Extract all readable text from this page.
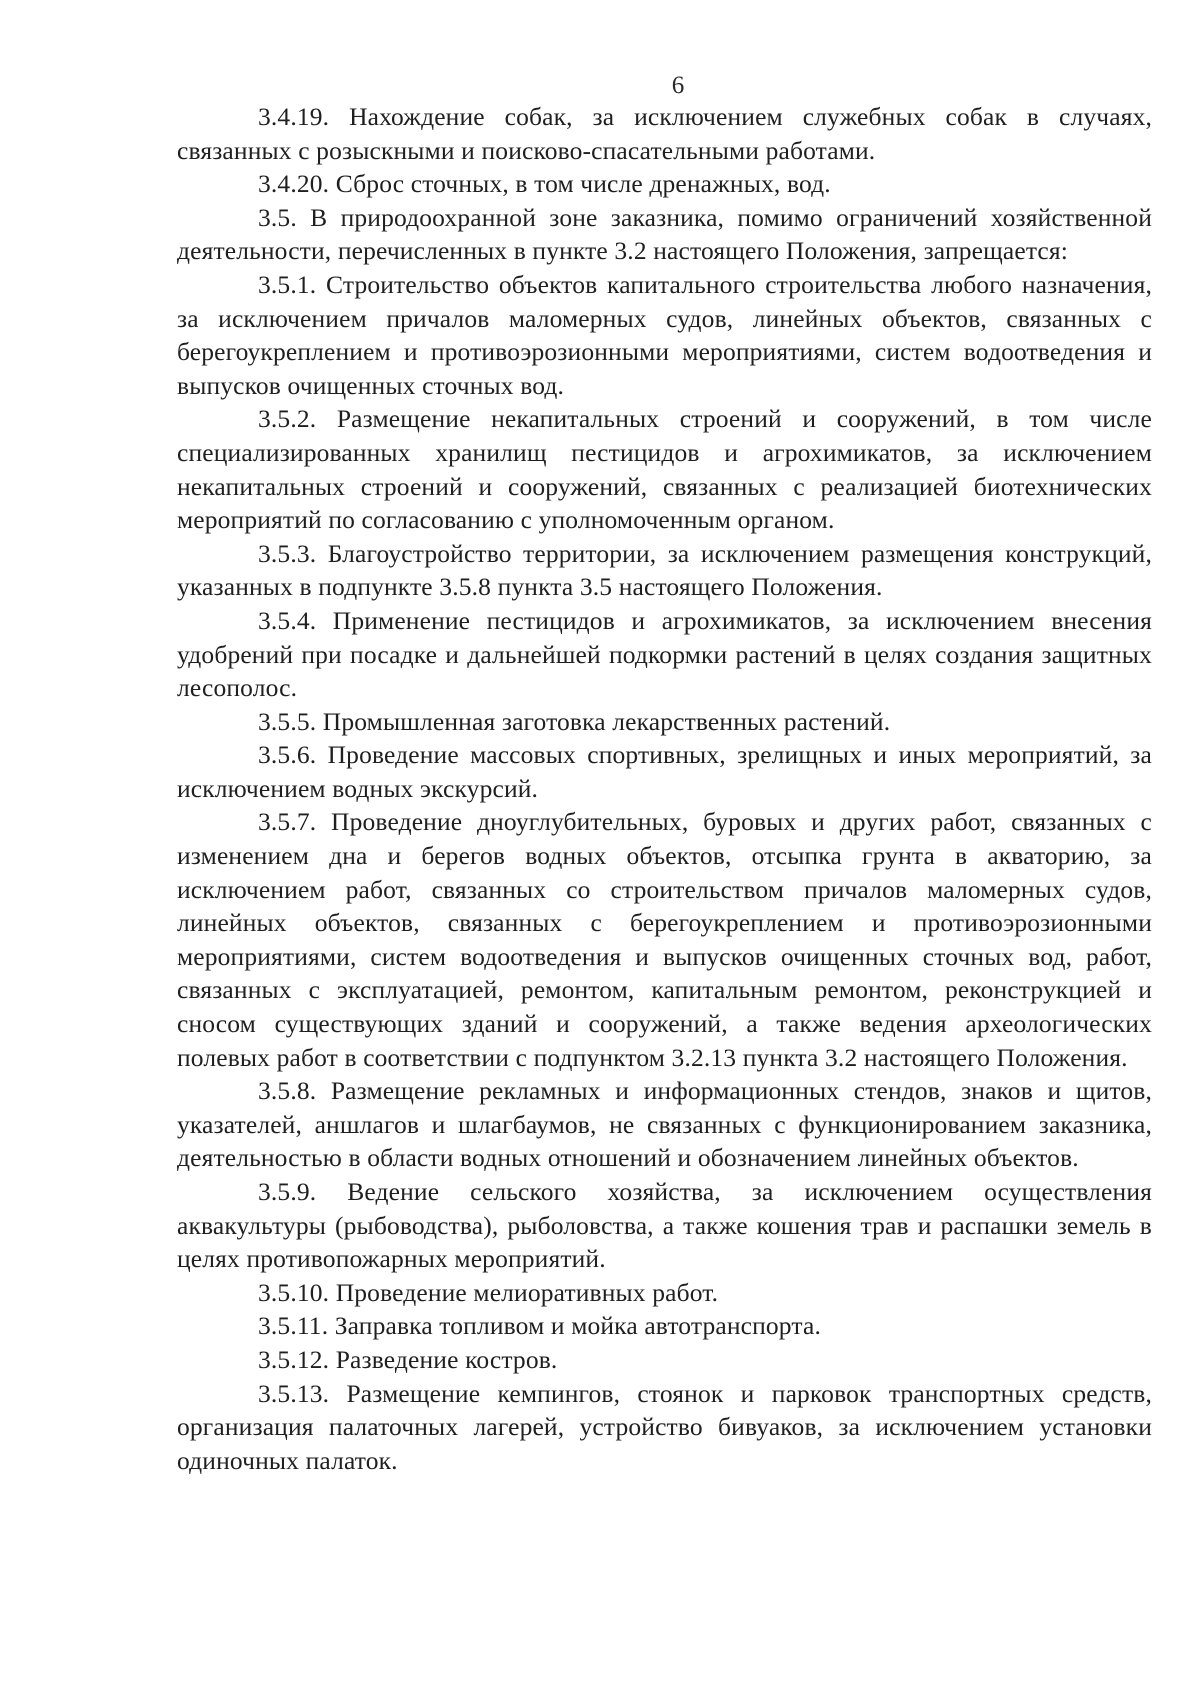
6

3.4.19. Нахождение собак, за исключением служебных собак в случаях, связанных с розыскными и поисково-спасательными работами.

3.4.20. Сброс сточных, в том числе дренажных, вод.

3.5. В природоохранной зоне заказника, помимо ограничений хозяйственной деятельности, перечисленных в пункте 3.2 настоящего Положения, запрещается:

3.5.1. Строительство объектов капитального строительства любого назначения, за исключением причалов маломерных судов, линейных объектов, связанных с берегоукреплением и противоэрозионными мероприятиями, систем водоотведения и выпусков очищенных сточных вод.

3.5.2. Размещение некапитальных строений и сооружений, в том числе специализированных хранилищ пестицидов и агрохимикатов, за исключением некапитальных строений и сооружений, связанных с реализацией биотехнических мероприятий по согласованию с уполномоченным органом.

3.5.3. Благоустройство территории, за исключением размещения конструкций, указанных в подпункте 3.5.8 пункта 3.5 настоящего Положения.

3.5.4. Применение пестицидов и агрохимикатов, за исключением внесения удобрений при посадке и дальнейшей подкормки растений в целях создания защитных лесополос.

3.5.5. Промышленная заготовка лекарственных растений.

3.5.6. Проведение массовых спортивных, зрелищных и иных мероприятий, за исключением водных экскурсий.

3.5.7. Проведение дноуглубительных, буровых и других работ, связанных с изменением дна и берегов водных объектов, отсыпка грунта в акваторию, за исключением работ, связанных со строительством причалов маломерных судов, линейных объектов, связанных с берегоукреплением и противоэрозионными мероприятиями, систем водоотведения и выпусков очищенных сточных вод, работ, связанных с эксплуатацией, ремонтом, капитальным ремонтом, реконструкцией и сносом существующих зданий и сооружений, а также ведения археологических полевых работ в соответствии с подпунктом 3.2.13 пункта 3.2 настоящего Положения.

3.5.8. Размещение рекламных и информационных стендов, знаков и щитов, указателей, аншлагов и шлагбаумов, не связанных с функционированием заказника, деятельностью в области водных отношений и обозначением линейных объектов.

3.5.9. Ведение сельского хозяйства, за исключением осуществления аквакультуры (рыбоводства), рыболовства, а также кошения трав и распашки земель в целях противопожарных мероприятий.

3.5.10. Проведение мелиоративных работ.

3.5.11. Заправка топливом и мойка автотранспорта.

3.5.12. Разведение костров.

3.5.13. Размещение кемпингов, стоянок и парковок транспортных средств, организация палаточных лагерей, устройство бивуаков, за исключением установки одиночных палаток.
